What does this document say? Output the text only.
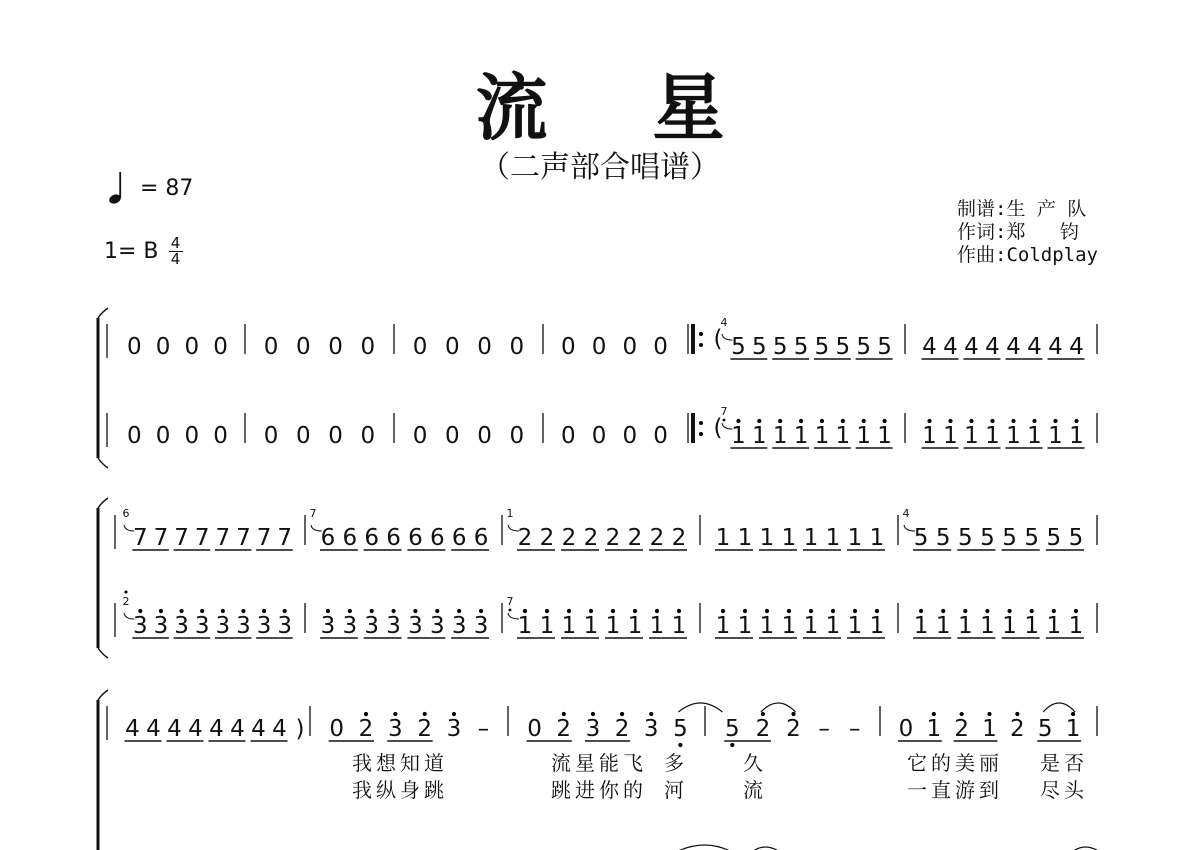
流 星
（二声部合唱谱）
= 87
1= B $\frac{4}{4}$
制谱:生 产 队
作词:郑   钧
作曲:Coldplay
0 0 0 0 0 0 0 0 0 0 0 0 0 0 0 0 (
4
5 5 5 5 5 5 5 5 4 4 4 4 4 4 4 4
0 0 0 0 0 0 0 0 0 0 0 0 0 0 0 0 (
7
1 1 1 1 1 1 1 1 1 1 1 1 1 1 1 1
6
7 7 7 7 7 7 7 7
7
6 6 6 6 6 6 6 6
1
2 2 2 2 2 2 2 2 1 1 1 1 1 1 1 1
4
5 5 5 5 5 5 5 5
2
3 3 3 3 3 3 3 3 3 3 3 3 3 3 3 3
7
1 1 1 1 1 1 1 1 1 1 1 1 1 1 1 1 1 1 1 1 1 1 1 1
4 4 4 4 4 4 4 4 ) 0 2 3 2 3 – 0 2 3 2 3 5 5 2 2 – – 0 1 2 1 2 5 1
我想知道	流星能飞 多	久	它的美丽 是否
我纵身跳	跳进你的 河	流	一直游到 尽头
